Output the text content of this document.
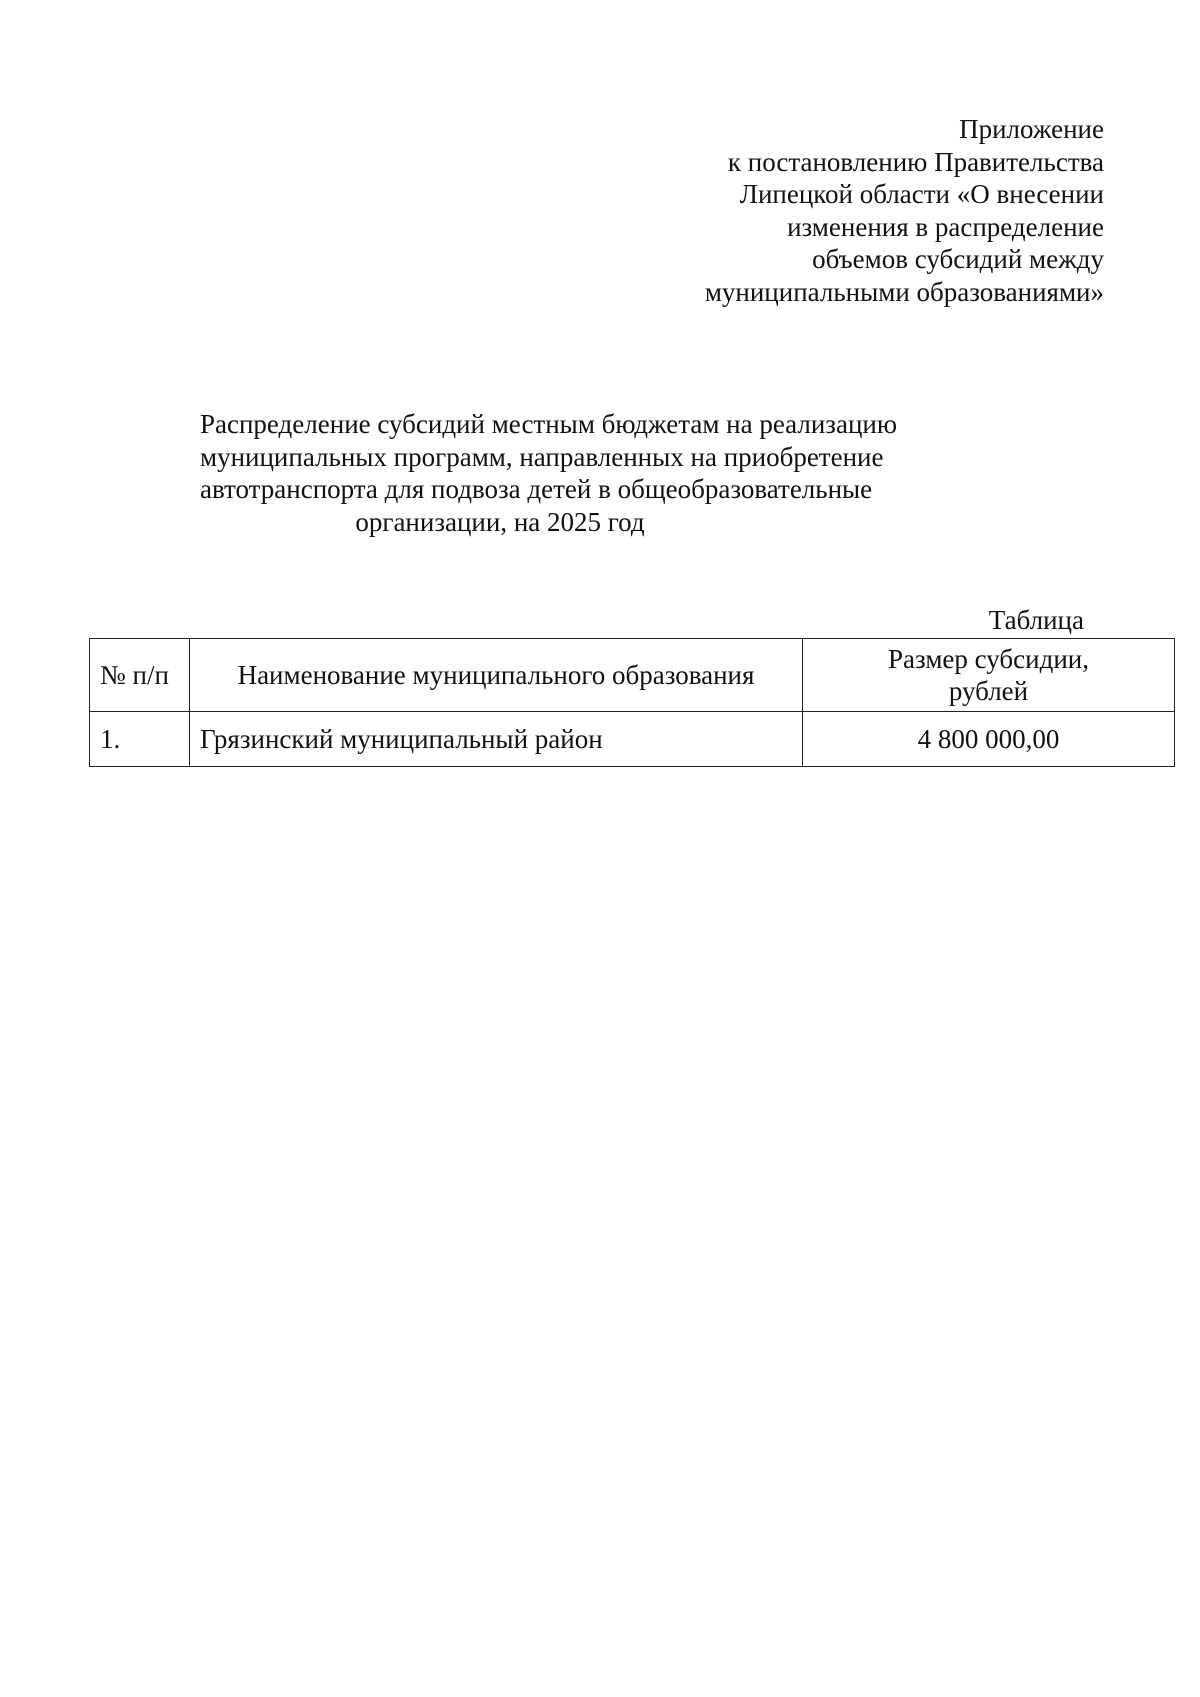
Приложение
к постановлению Правительства
Липецкой области «О внесении
изменения в распределение
объемов субсидий между
муниципальными образованиями»
Распределение субсидий местным бюджетам на реализацию
муниципальных программ, направленных на приобретение
автотранспорта для подвоза детей в общеобразовательные
организации, на 2025 год
Таблица
№ п/п	Наименование муниципального образования	Размер субсидии,
рублей

1.	Грязинский муниципальный район	4 800 000,00
